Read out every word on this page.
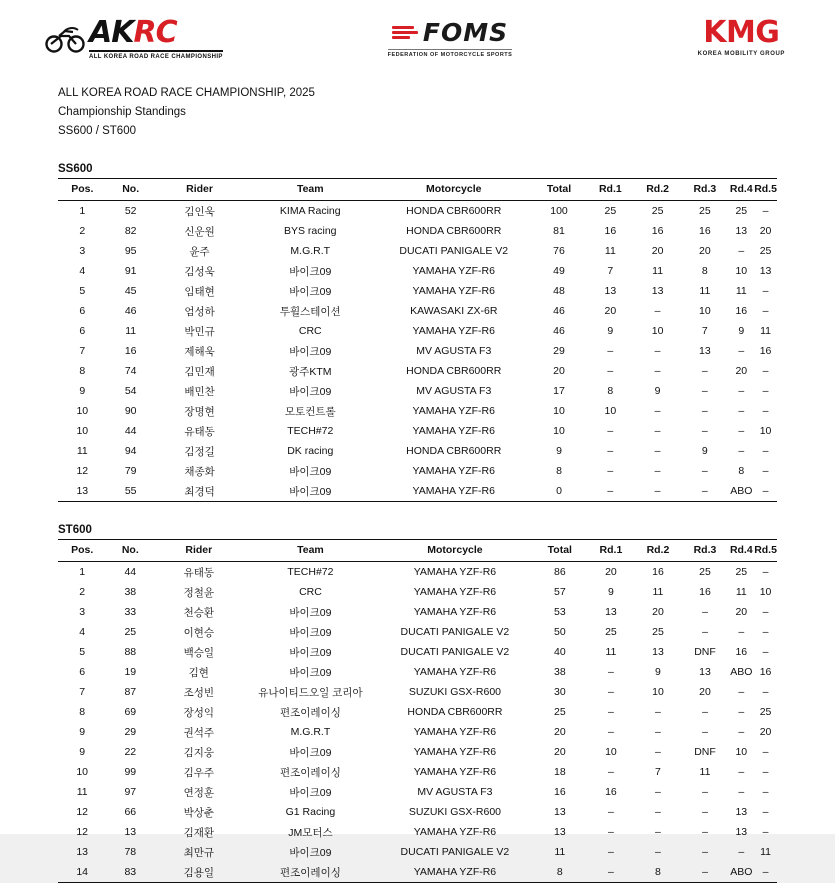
AKRC
ALL KOREA ROAD RACE CHAMPIONSHIP
FOMS
FEDERATION OF MOTORCYCLE SPORTS
KMG
KOREA MOBILITY GROUP
ALL KOREA ROAD RACE CHAMPIONSHIP, 2025
Championship Standings
SS600 / ST600
SS600
Pos.	No.	Rider	Team	Motorcycle	Total	Rd.1	Rd.2	Rd.3	Rd.4	Rd.5
1	52	김인욱	KIMA Racing	HONDA CBR600RR	100	25	25	25	25	–
2	82	신운원	BYS racing	HONDA CBR600RR	81	16	16	16	13	20
3	95	윤주	M.G.R.T	DUCATI PANIGALE V2	76	11	20	20	–	25
4	91	김성욱	바이크09	YAMAHA YZF-R6	49	7	11	8	10	13
5	45	임태현	바이크09	YAMAHA YZF-R6	48	13	13	11	11	–
6	46	엄성하	투휠스테이션	KAWASAKI ZX-6R	46	20	–	10	16	–
6	11	박민규	CRC	YAMAHA YZF-R6	46	9	10	7	9	11
7	16	제해욱	바이크09	MV AGUSTA F3	29	–	–	13	–	16
8	74	김민재	광주KTM	HONDA CBR600RR	20	–	–	–	20	–
9	54	배민찬	바이크09	MV AGUSTA F3	17	8	9	–	–	–
10	90	장명현	모토컨트롤	YAMAHA YZF-R6	10	10	–	–	–	–
10	44	유태동	TECH#72	YAMAHA YZF-R6	10	–	–	–	–	10
11	94	김정길	DK racing	HONDA CBR600RR	9	–	–	9	–	–
12	79	채종화	바이크09	YAMAHA YZF-R6	8	–	–	–	8	–
13	55	최경덕	바이크09	YAMAHA YZF-R6	0	–	–	–	ABO	–
ST600
Pos.	No.	Rider	Team	Motorcycle	Total	Rd.1	Rd.2	Rd.3	Rd.4	Rd.5
1	44	유태동	TECH#72	YAMAHA YZF-R6	86	20	16	25	25	–
2	38	정철윤	CRC	YAMAHA YZF-R6	57	9	11	16	11	10
3	33	천승환	바이크09	YAMAHA YZF-R6	53	13	20	–	20	–
4	25	이현승	바이크09	DUCATI PANIGALE V2	50	25	25	–	–	–
5	88	백승일	바이크09	DUCATI PANIGALE V2	40	11	13	DNF	16	–
6	19	김현	바이크09	YAMAHA YZF-R6	38	–	9	13	ABO	16
7	87	조성빈	유나이티드오일 코리아	SUZUKI GSX-R600	30	–	10	20	–	–
8	69	장성익	편조이레이싱	HONDA CBR600RR	25	–	–	–	–	25
9	29	권석주	M.G.R.T	YAMAHA YZF-R6	20	–	–	–	–	20
9	22	김지웅	바이크09	YAMAHA YZF-R6	20	10	–	DNF	10	–
10	99	김우주	편조이레이싱	YAMAHA YZF-R6	18	–	7	11	–	–
11	97	연정훈	바이크09	MV AGUSTA F3	16	16	–	–	–	–
12	66	박상춘	G1 Racing	SUZUKI GSX-R600	13	–	–	–	13	–
12	13	김재환	JM모터스	YAMAHA YZF-R6	13	–	–	–	13	–
13	78	최만규	바이크09	DUCATI PANIGALE V2	11	–	–	–	–	11
14	83	김용일	편조이레이싱	YAMAHA YZF-R6	8	–	8	–	ABO	–
